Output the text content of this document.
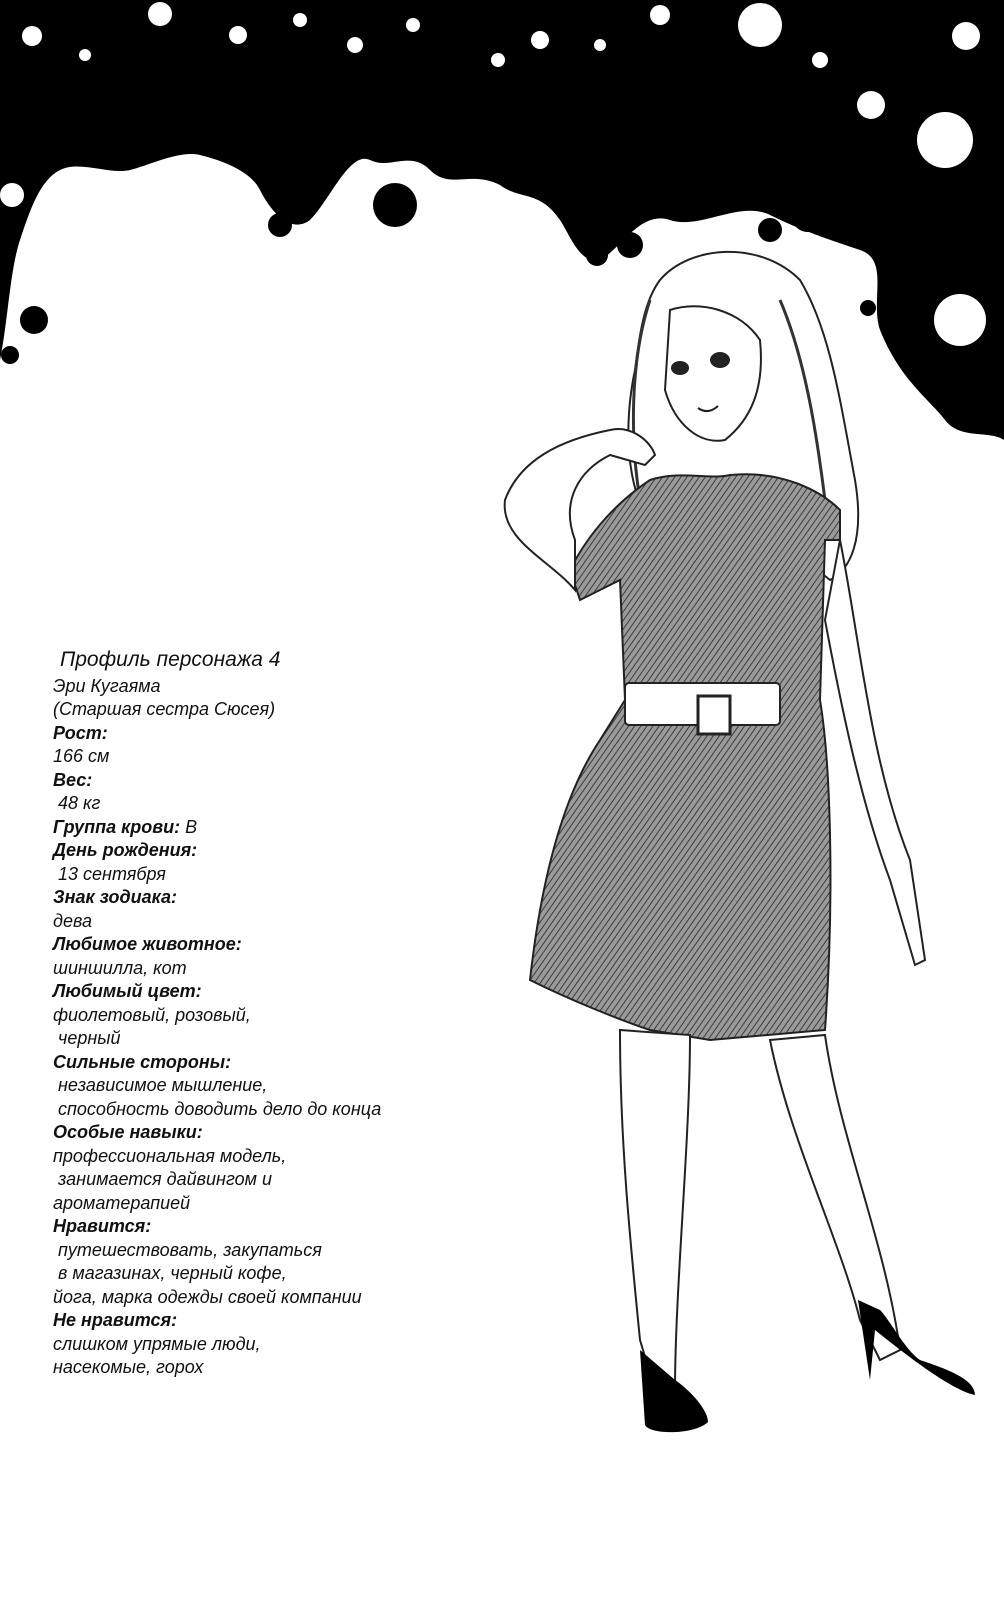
Профиль персонажа 4
Эри Кугаяма
(Старшая сестра Сюсея)
Рост:
166 см
Вес:
48 кг
Группа крови: B
День рождения:
13 сентября
Знак зодиака:
дева
Любимое животное:
шиншилла, кот
Любимый цвет:
фиолетовый, розовый,
черный
Сильные стороны:
независимое мышление,
способность доводить дело до конца
Особые навыки:
профессиональная модель,
занимается дайвингом и
ароматерапией
Нравится:
путешествовать, закупаться
в магазинах, черный кофе,
йога, марка одежды своей компании
Не нравится:
слишком упрямые люди,
насекомые, горох
